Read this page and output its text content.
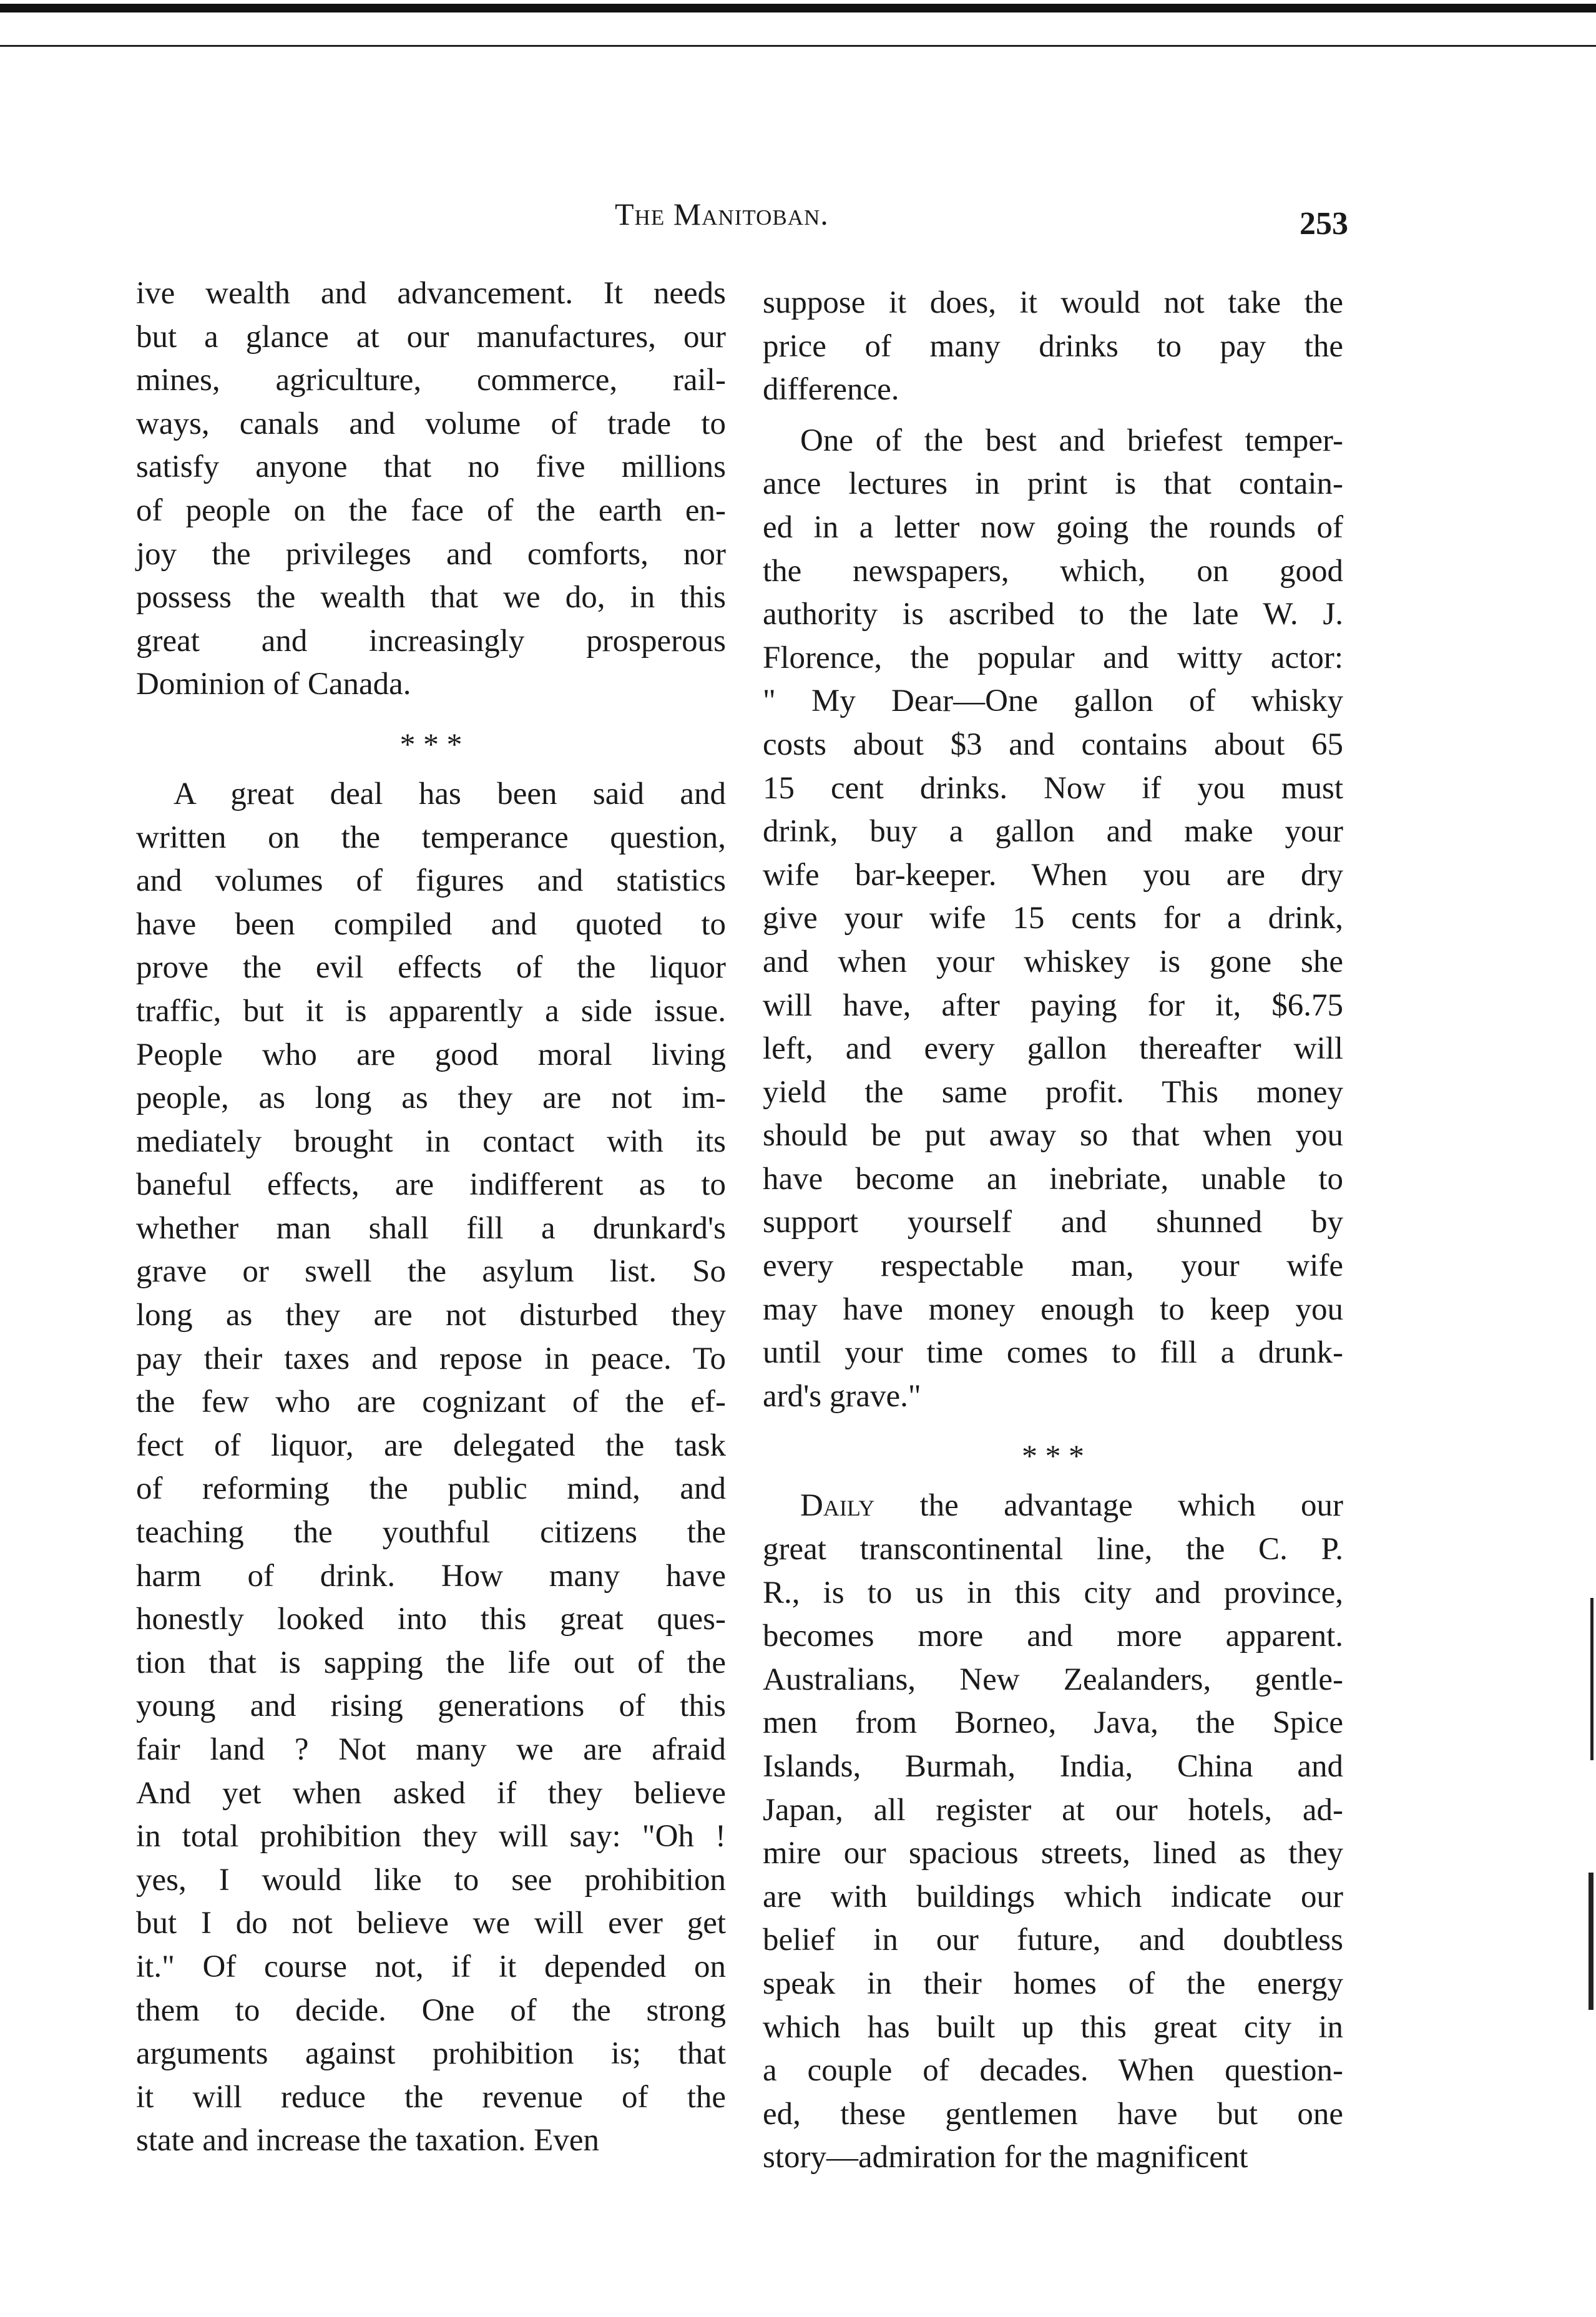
The Manitoban.	253
ive wealth and advancement. It needs
but a glance at our manufactures, our
mines, agriculture, commerce, rail-
ways, canals and volume of trade to
satisfy anyone that no five millions
of people on the face of the earth en-
joy the privileges and comforts, nor
possess the wealth that we do, in this
great and increasingly prosperous
Dominion of Canada.
* * *
A great deal has been said and
written on the temperance question,
and volumes of figures and statistics
have been compiled and quoted to
prove the evil effects of the liquor
traffic, but it is apparently a side issue.
People who are good moral living
people, as long as they are not im-
mediately brought in contact with its
baneful effects, are indifferent as to
whether man shall fill a drunkard's
grave or swell the asylum list. So
long as they are not disturbed they
pay their taxes and repose in peace. To
the few who are cognizant of the ef-
fect of liquor, are delegated the task
of reforming the public mind, and
teaching the youthful citizens the
harm of drink. How many have
honestly looked into this great ques-
tion that is sapping the life out of the
young and rising generations of this
fair land ? Not many we are afraid
And yet when asked if they believe
in total prohibition they will say: "Oh !
yes, I would like to see prohibition
but I do not believe we will ever get
it." Of course not, if it depended on
them to decide. One of the strong
arguments against prohibition is; that
it will reduce the revenue of the
state and increase the taxation. Even
suppose it does, it would not take the
price of many drinks to pay the
difference.
One of the best and briefest temper-
ance lectures in print is that contain-
ed in a letter now going the rounds of
the newspapers, which, on good
authority is ascribed to the late W. J.
Florence, the popular and witty actor:
" My Dear—One gallon of whisky
costs about $3 and contains about 65
15 cent drinks. Now if you must
drink, buy a gallon and make your
wife bar-keeper. When you are dry
give your wife 15 cents for a drink,
and when your whiskey is gone she
will have, after paying for it, $6.75
left, and every gallon thereafter will
yield the same profit. This money
should be put away so that when you
have become an inebriate, unable to
support yourself and shunned by
every respectable man, your wife
may have money enough to keep you
until your time comes to fill a drunk-
ard's grave."
* * *
Daily the advantage which our
great transcontinental line, the C. P.
R., is to us in this city and province,
becomes more and more apparent.
Australians, New Zealanders, gentle-
men from Borneo, Java, the Spice
Islands, Burmah, India, China and
Japan, all register at our hotels, ad-
mire our spacious streets, lined as they
are with buildings which indicate our
belief in our future, and doubtless
speak in their homes of the energy
which has built up this great city in
a couple of decades. When question-
ed, these gentlemen have but one
story—admiration for the magnificent
